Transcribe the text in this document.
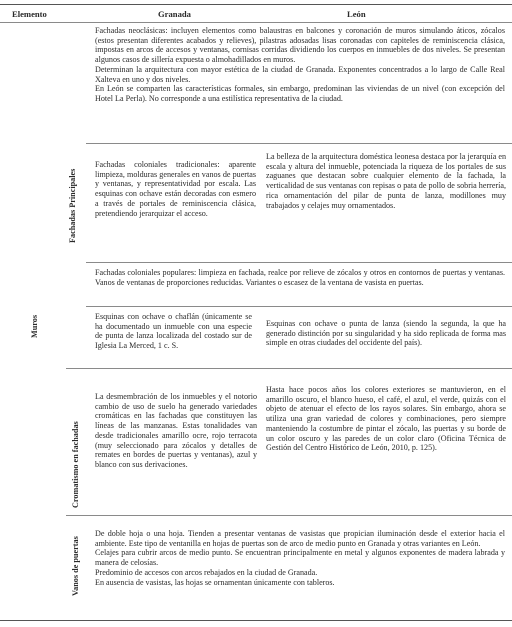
Elemento	Granada	León
Muros
Fachadas Principales
Cromatismo en fachadas
Vanos de puertas

Fachadas neoclásicas: incluyen elementos como balaustras en balcones y coronación de muros simulando áticos, zócalos (estos presentan diferentes acabados y relieves), pilastras adosadas lisas coronadas con capiteles de reminiscencia clásica, impostas en arcos de accesos y ventanas, cornisas corridas dividiendo los cuerpos en inmuebles de dos niveles. Se presentan algunos casos de sillería expuesta o almohadillados en muros.

Determinan la arquitectura con mayor estética de la ciudad de Granada. Exponentes concentrados a lo largo de Calle Real Xalteva en uno y dos niveles.

En León se comparten las características formales, sin embargo, predominan las viviendas de un nivel (con excepción del Hotel La Perla). No corresponde a una estilística representativa de la ciudad.

Fachadas coloniales tradicionales: aparente limpieza, molduras generales en vanos de puertas y ventanas, y representatividad por escala. Las esquinas con ochave están decoradas con esmero a través de portales de reminiscencia clásica, pretendiendo jerarquizar el acceso.
La belleza de la arquitectura doméstica leonesa destaca por la jerarquía en escala y altura del inmueble, potenciada la riqueza de los portales de sus zaguanes que destacan sobre cualquier elemento de la fachada, la verticalidad de sus ventanas con repisas o pata de pollo de sobria herrería, rica ornamentación del pilar de punta de lanza, modillones muy trabajados y celajes muy ornamentados.
Fachadas coloniales populares: limpieza en fachada, realce por relieve de zócalos y otros en contornos de puertas y ventanas. Vanos de ventanas de proporciones reducidas. Variantes o escasez de la ventana de vasista en puertas.
Esquinas con ochave o chaflán (únicamente se ha documentado un inmueble con una especie de punta de lanza localizada del costado sur de Iglesia La Merced, 1 c. S.
Esquinas con ochave o punta de lanza (siendo la segunda, la que ha generado distinción por su singularidad y ha sido replicada de forma mas simple en otras ciudades del occidente del país).
La desmembración de los inmuebles y el notorio cambio de uso de suelo ha generado variedades cromáticas en las fachadas que constituyen las líneas de las manzanas. Estas tonalidades van desde tradicionales amarillo ocre, rojo terracota (muy seleccionado para zócalos y detalles de remates en bordes de puertas y ventanas), azul y blanco con sus derivaciones.
Hasta hace pocos años los colores exteriores se mantuvieron, en el amarillo oscuro, el blanco hueso, el café, el azul, el verde, quizás con el objeto de atenuar el efecto de los rayos solares. Sin embargo, ahora se utiliza una gran variedad de colores y combinaciones, pero siempre manteniendo la costumbre de pintar el zócalo, las puertas y su borde de un color oscuro y las paredes de un color claro (Oficina Técnica de Gestión del Centro Histórico de León, 2010, p. 125).

De doble hoja o una hoja. Tienden a presentar ventanas de vasistas que propician iluminación desde el exterior hacia el ambiente. Este tipo de ventanilla en hojas de puertas son de arco de medio punto en Granada y otras variantes en León.

Celajes para cubrir arcos de medio punto. Se encuentran principalmente en metal y algunos exponentes de madera labrada y manera de celosías.

Predominio de accesos con arcos rebajados en la ciudad de Granada.

En ausencia de vasistas, las hojas se ornamentan únicamente con tableros.
